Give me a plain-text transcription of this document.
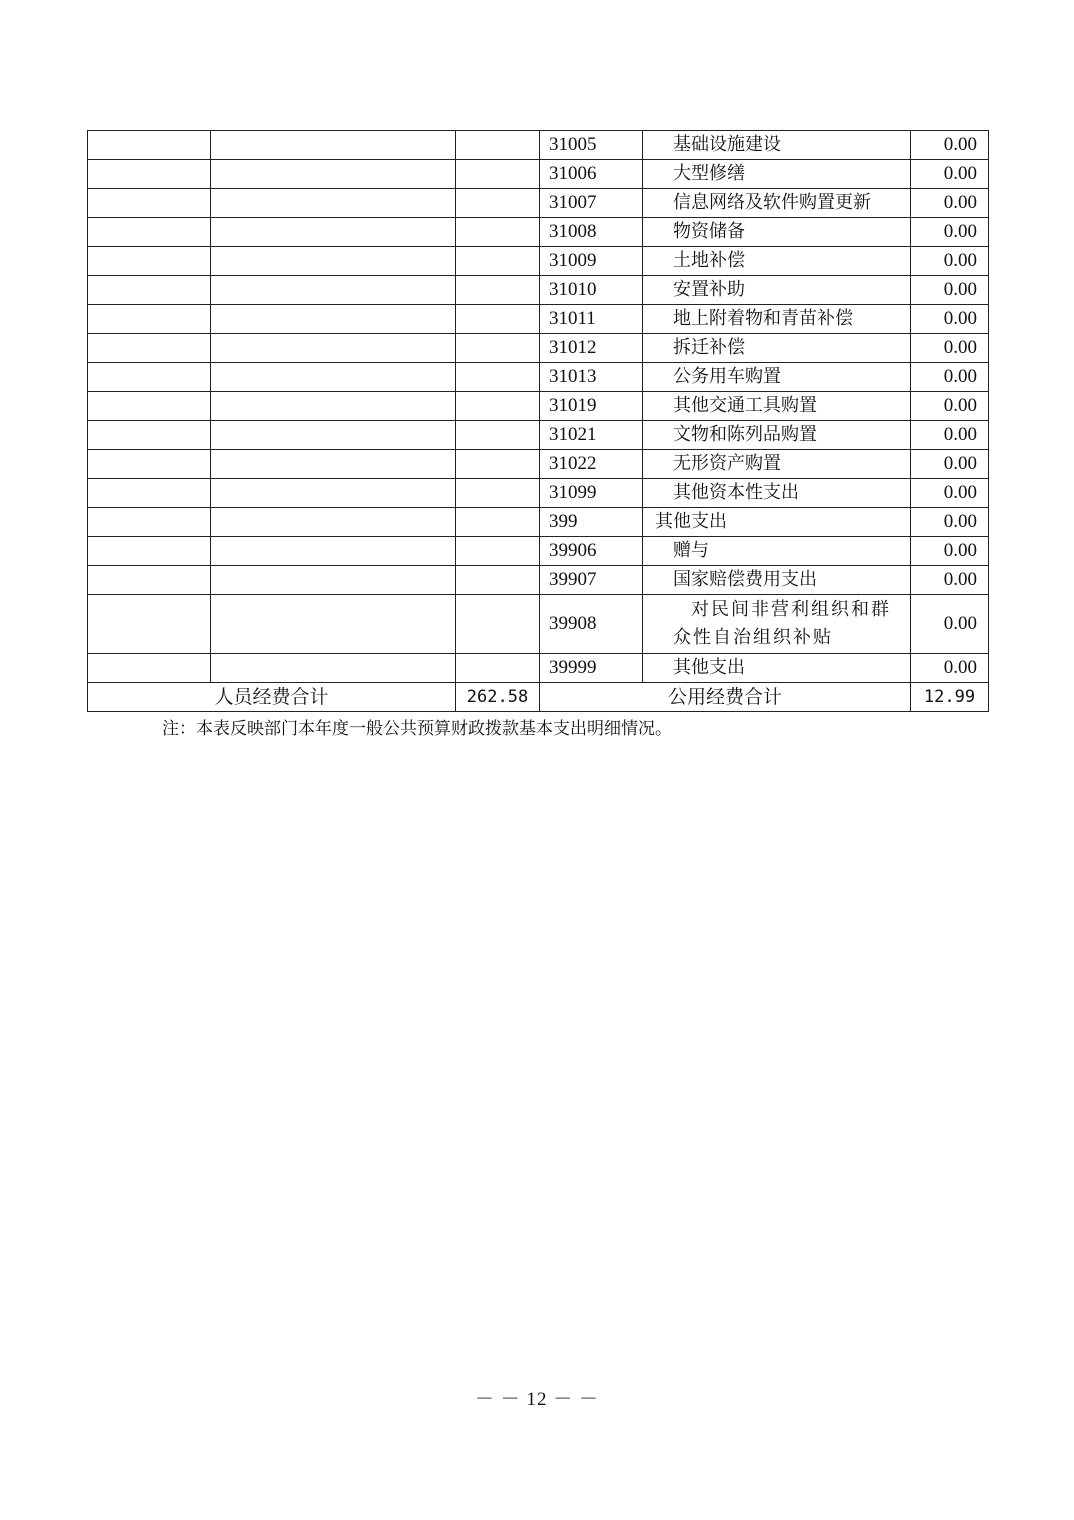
			31005	基础设施建设	0.00
			31006	大型修缮	0.00
			31007	信息网络及软件购置更新	0.00
			31008	物资储备	0.00
			31009	土地补偿	0.00
			31010	安置补助	0.00
			31011	地上附着物和青苗补偿	0.00
			31012	拆迁补偿	0.00
			31013	公务用车购置	0.00
			31019	其他交通工具购置	0.00
			31021	文物和陈列品购置	0.00
			31022	无形资产购置	0.00
			31099	其他资本性支出	0.00
			399	其他支出	0.00
			39906	赠与	0.00
			39907	国家赔偿费用支出	0.00
			39908	对民间非营利组织和群众性自治组织补贴	0.00
			39999	其他支出	0.00
人员经费合计		262.58	公用经费合计		12.99
注：本表反映部门本年度一般公共预算财政拨款基本支出明细情况。
－ － 12 － －
